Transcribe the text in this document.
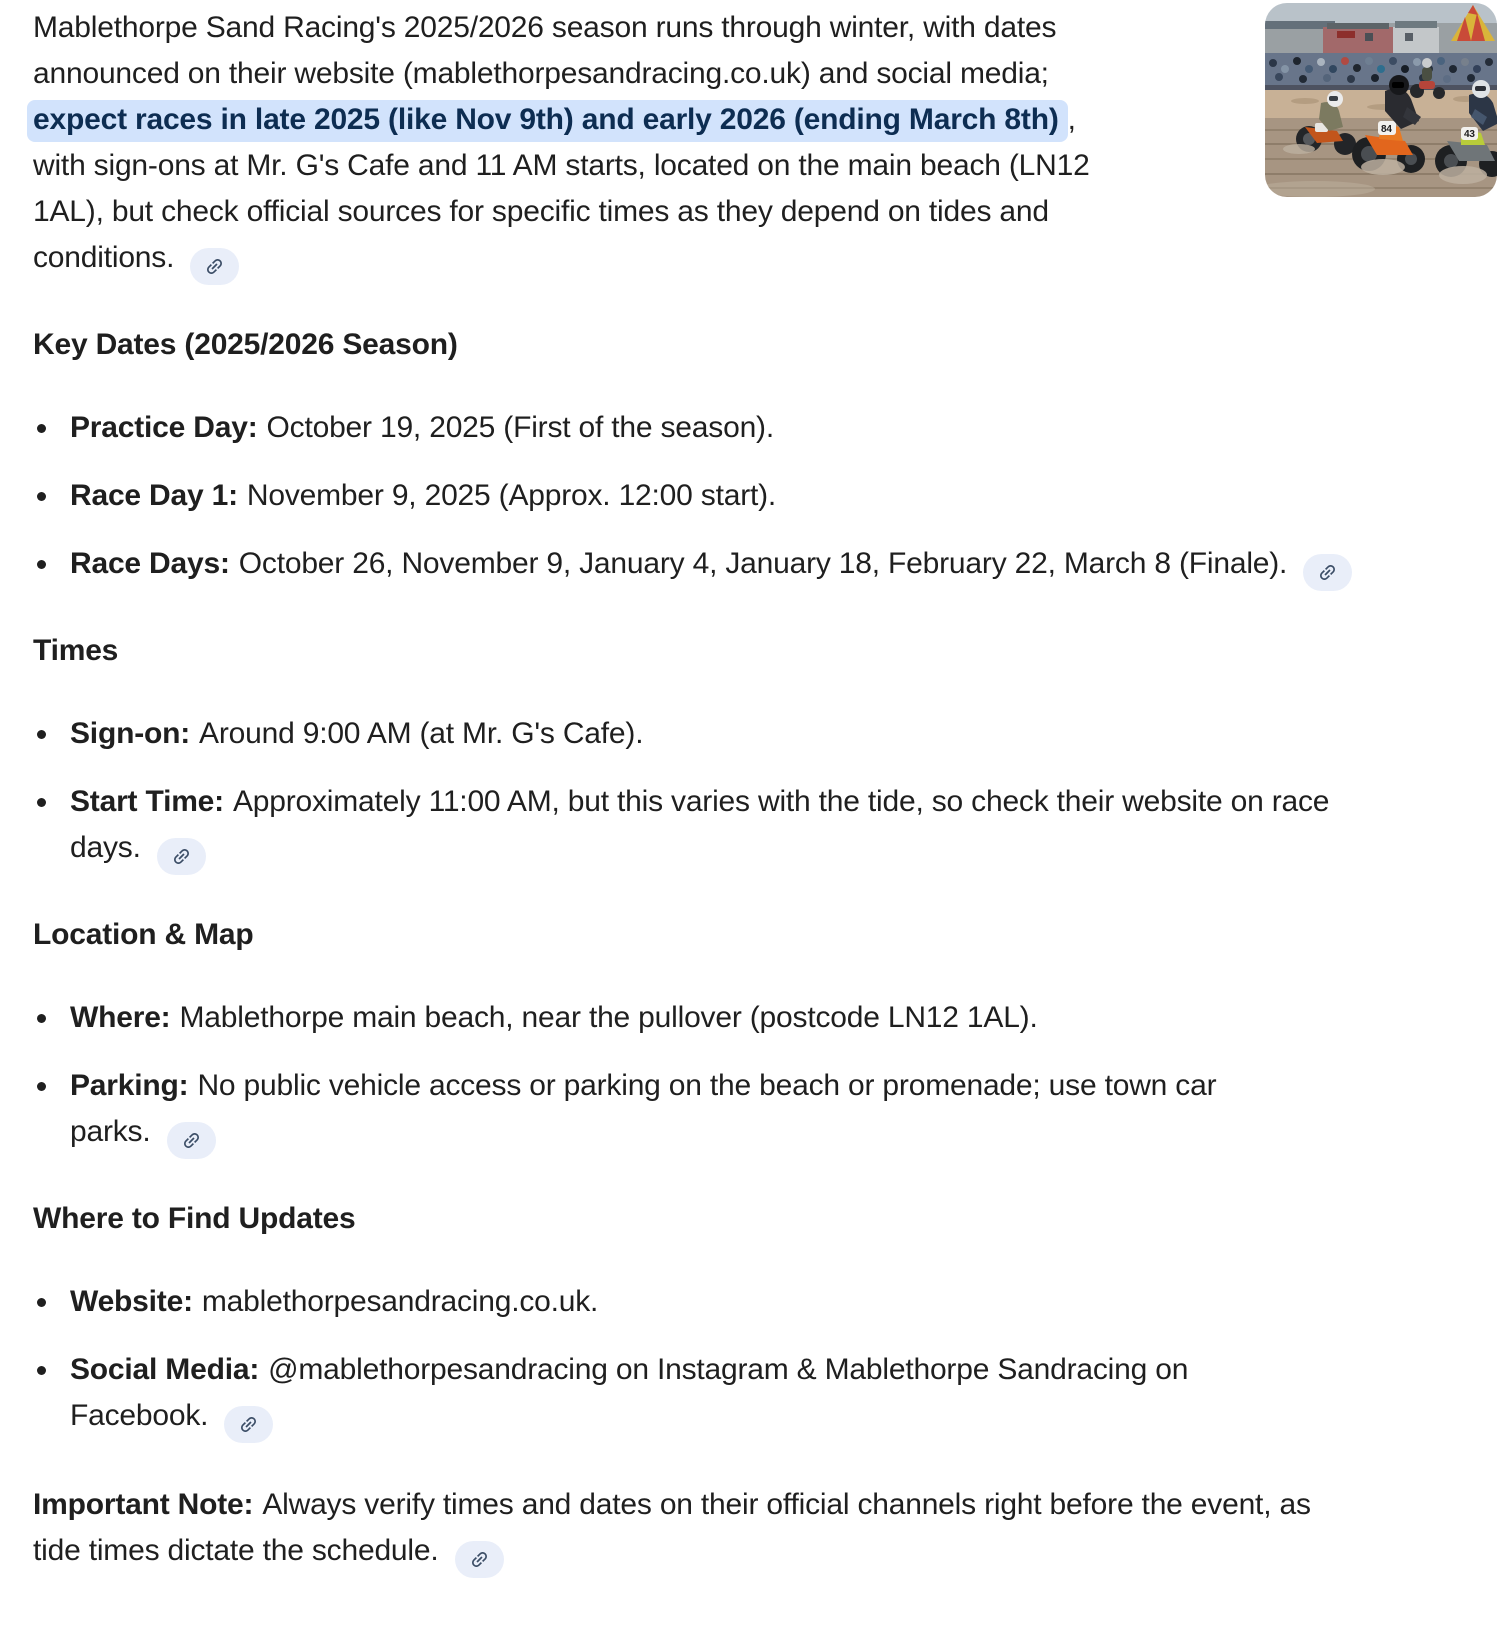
84	43

Mablethorpe Sand Racing's 2025/2026 season runs through winter, with dates
announced on their website (mablethorpesandracing.co.uk) and social media;
expect races in late 2025 (like Nov 9th) and early 2026 (ending March 8th) ,
with sign-ons at Mr. G's Cafe and 11 AM starts, located on the main beach (LN12
1AL), but check official sources for specific times as they depend on tides and
conditions.

Key Dates (2025/2026 Season)
Practice Day: October 19, 2025 (First of the season).
Race Day 1: November 9, 2025 (Approx. 12:00 start).
Race Days: October 26, November 9, January 4, January 18, February 22, March 8 (Finale).
Times
Sign-on: Around 9:00 AM (at Mr. G's Cafe).
Start Time: Approximately 11:00 AM, but this varies with the tide, so check their website on race
days.
Location & Map
Where: Mablethorpe main beach, near the pullover (postcode LN12 1AL).
Parking: No public vehicle access or parking on the beach or promenade; use town car
parks.
Where to Find Updates
Website: mablethorpesandracing.co.uk.
Social Media: @mablethorpesandracing on Instagram & Mablethorpe Sandracing on
Facebook.

Important Note: Always verify times and dates on their official channels right before the event, as
tide times dictate the schedule.
